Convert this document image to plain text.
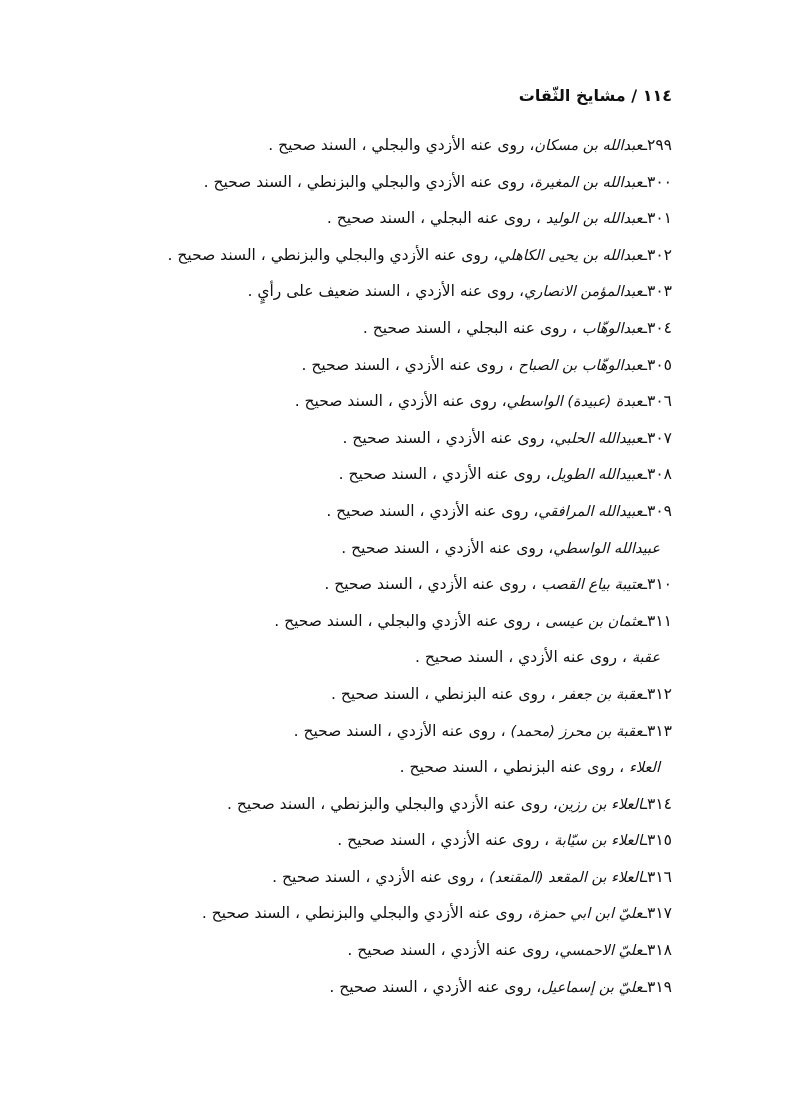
١١٤ / مشايخ الثّقات
٢٩٩ـعبدالله بن مسكان، روى عنه الأزدي والبجلي ، السند صحيح .
٣٠٠ـعبدالله بن المغيرة، روى عنه الأزدي والبجلي والبزنطي ، السند صحيح .
٣٠١ـعبدالله بن الوليد ، روى عنه البجلي ، السند صحيح .
٣٠٢ـعبدالله بن يحيى الكاهلي، روى عنه الأزدي والبجلي والبزنطي ، السند صحيح .
٣٠٣ـعبدالمؤمن الانصاري، روى عنه الأزدي ، السند ضعيف على رأيٍ .
٣٠٤ـعبدالوهّاب ، روى عنه البجلي ، السند صحيح .
٣٠٥ـعبدالوهّاب بن الصباح ، روى عنه الأزدي ، السند صحيح .
٣٠٦ـعبدة (عبيدة) الواسطي، روى عنه الأزدي ، السند صحيح .
٣٠٧ـعبيدالله الحلبي، روى عنه الأزدي ، السند صحيح .
٣٠٨ـعبيدالله الطويل، روى عنه الأزدي ، السند صحيح .
٣٠٩ـعبيدالله المرافقي، روى عنه الأزدي ، السند صحيح .
عبيدالله الواسطي، روى عنه الأزدي ، السند صحيح .
٣١٠ـعتيبة بياع القصب ، روى عنه الأزدي ، السند صحيح .
٣١١ـعثمان بن عيسى ، روى عنه الأزدي والبجلي ، السند صحيح .
عقبة ، روى عنه الأزدي ، السند صحيح .
٣١٢ـعقبة بن جعفر ، روى عنه البزنطي ، السند صحيح .
٣١٣ـعقبة بن محرز (محمد) ، روى عنه الأزدي ، السند صحيح .
العلاء ، روى عنه البزنطي ، السند صحيح .
٣١٤ـالعلاء بن رزين، روى عنه الأزدي والبجلي والبزنطي ، السند صحيح .
٣١٥ـالعلاء بن سيّابة ، روى عنه الأزدي ، السند صحيح .
٣١٦ـالعلاء بن المقعد (المقنعد) ، روى عنه الأزدي ، السند صحيح .
٣١٧ـعليّ ابن ابي حمزة، روى عنه الأزدي والبجلي والبزنطي ، السند صحيح .
٣١٨ـعليّ الاحمسي، روى عنه الأزدي ، السند صحيح .
٣١٩ـعليّ بن إسماعيل، روى عنه الأزدي ، السند صحيح .
